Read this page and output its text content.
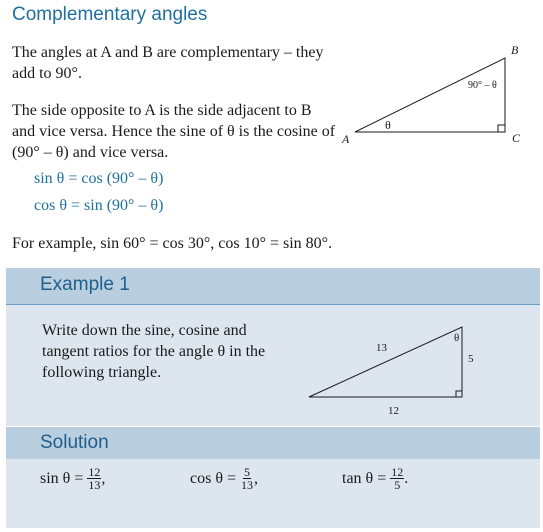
Complementary angles
The angles at A and B are complementary – they add to 90°.
The side opposite to A is the side adjacent to B and vice versa. Hence the sine of θ is the cosine of (90° – θ) and vice versa.
sin θ = cos (90° – θ)
cos θ = sin (90° – θ)
For example, sin 60° = cos 30°, cos 10° = sin 80°.
A
B
C
θ
90° – θ
Example 1
Write down the sine, cosine and tangent ratios for the angle θ in the following triangle.
13
5
12
θ
Solution
$\sin \theta = \frac{12}{13}$ ,	$\cos \theta = \frac{5}{13}$ ,	$\tan \theta = \frac{12}{5}$ .
